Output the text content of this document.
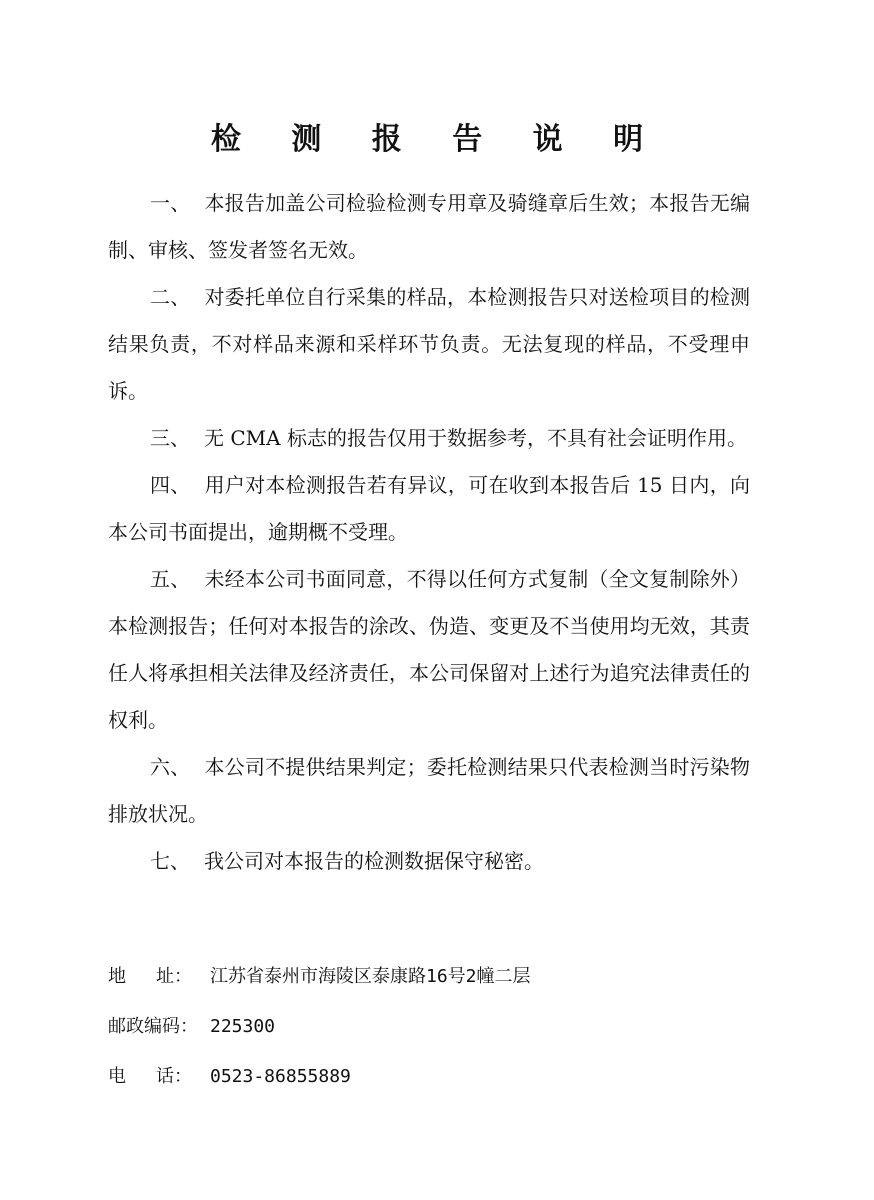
检 测 报 告 说 明

一、 本报告加盖公司检验检测专用章及骑缝章后生效；本报告无编制、审核、签发者签名无效。

二、 对委托单位自行采集的样品，本检测报告只对送检项目的检测结果负责，不对样品来源和采样环节负责。无法复现的样品，不受理申诉。

三、 无 CMA 标志的报告仅用于数据参考，不具有社会证明作用。

四、 用户对本检测报告若有异议，可在收到本报告后 15 日内，向本公司书面提出，逾期概不受理。

五、 未经本公司书面同意，不得以任何方式复制（全文复制除外）本检测报告；任何对本报告的涂改、伪造、变更及不当使用均无效，其责任人将承担相关法律及经济责任，本公司保留对上述行为追究法律责任的权利。

六、 本公司不提供结果判定；委托检测结果只代表检测当时污染物排放状况。

七、 我公司对本报告的检测数据保守秘密。

地 址： 江苏省泰州市海陵区泰康路16号2幢二层
邮政编码： 225300
电 话： 0523-86855889
